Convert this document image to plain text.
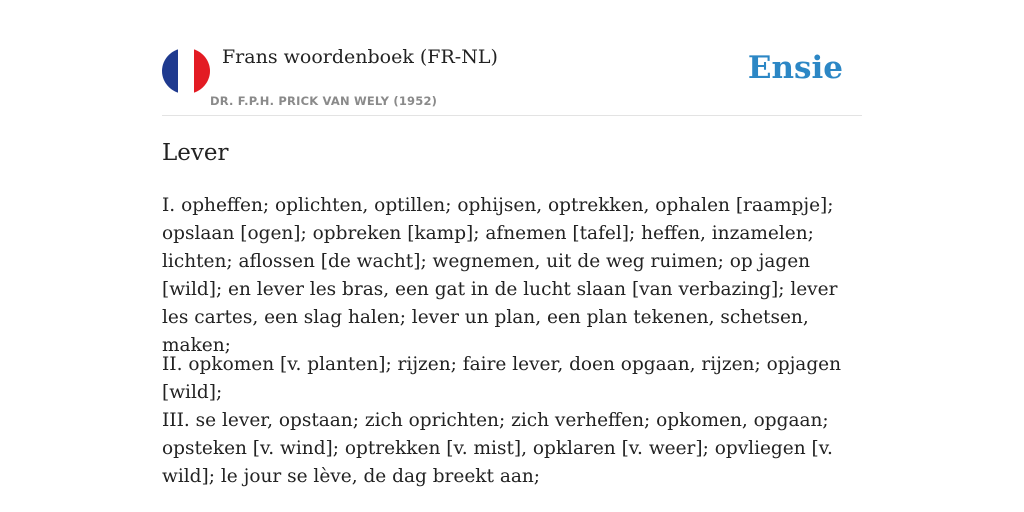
Frans woordenboek (FR-NL)
DR. F.P.H. PRICK VAN WELY (1952)
Ensie
Lever

I. opheffen; oplichten, optillen; ophijsen, optrekken, ophalen [raampje]; opslaan [ogen]; opbreken [kamp]; afnemen [tafel]; heffen, inzamelen; lichten; aflossen [de wacht]; wegnemen, uit de weg ruimen; op jagen [wild]; en lever les bras, een gat in de lucht slaan [van verbazing]; lever les cartes, een slag halen; lever un plan, een plan tekenen, schetsen, maken;

II. opkomen [v. planten]; rijzen; faire lever, doen opgaan, rijzen; opjagen [wild];

III. se lever, opstaan; zich oprichten; zich verheffen; opkomen, opgaan; opsteken [v. wind]; optrekken [v. mist], opklaren [v. weer]; opvliegen [v. wild]; le jour se lève, de dag breekt aan;
